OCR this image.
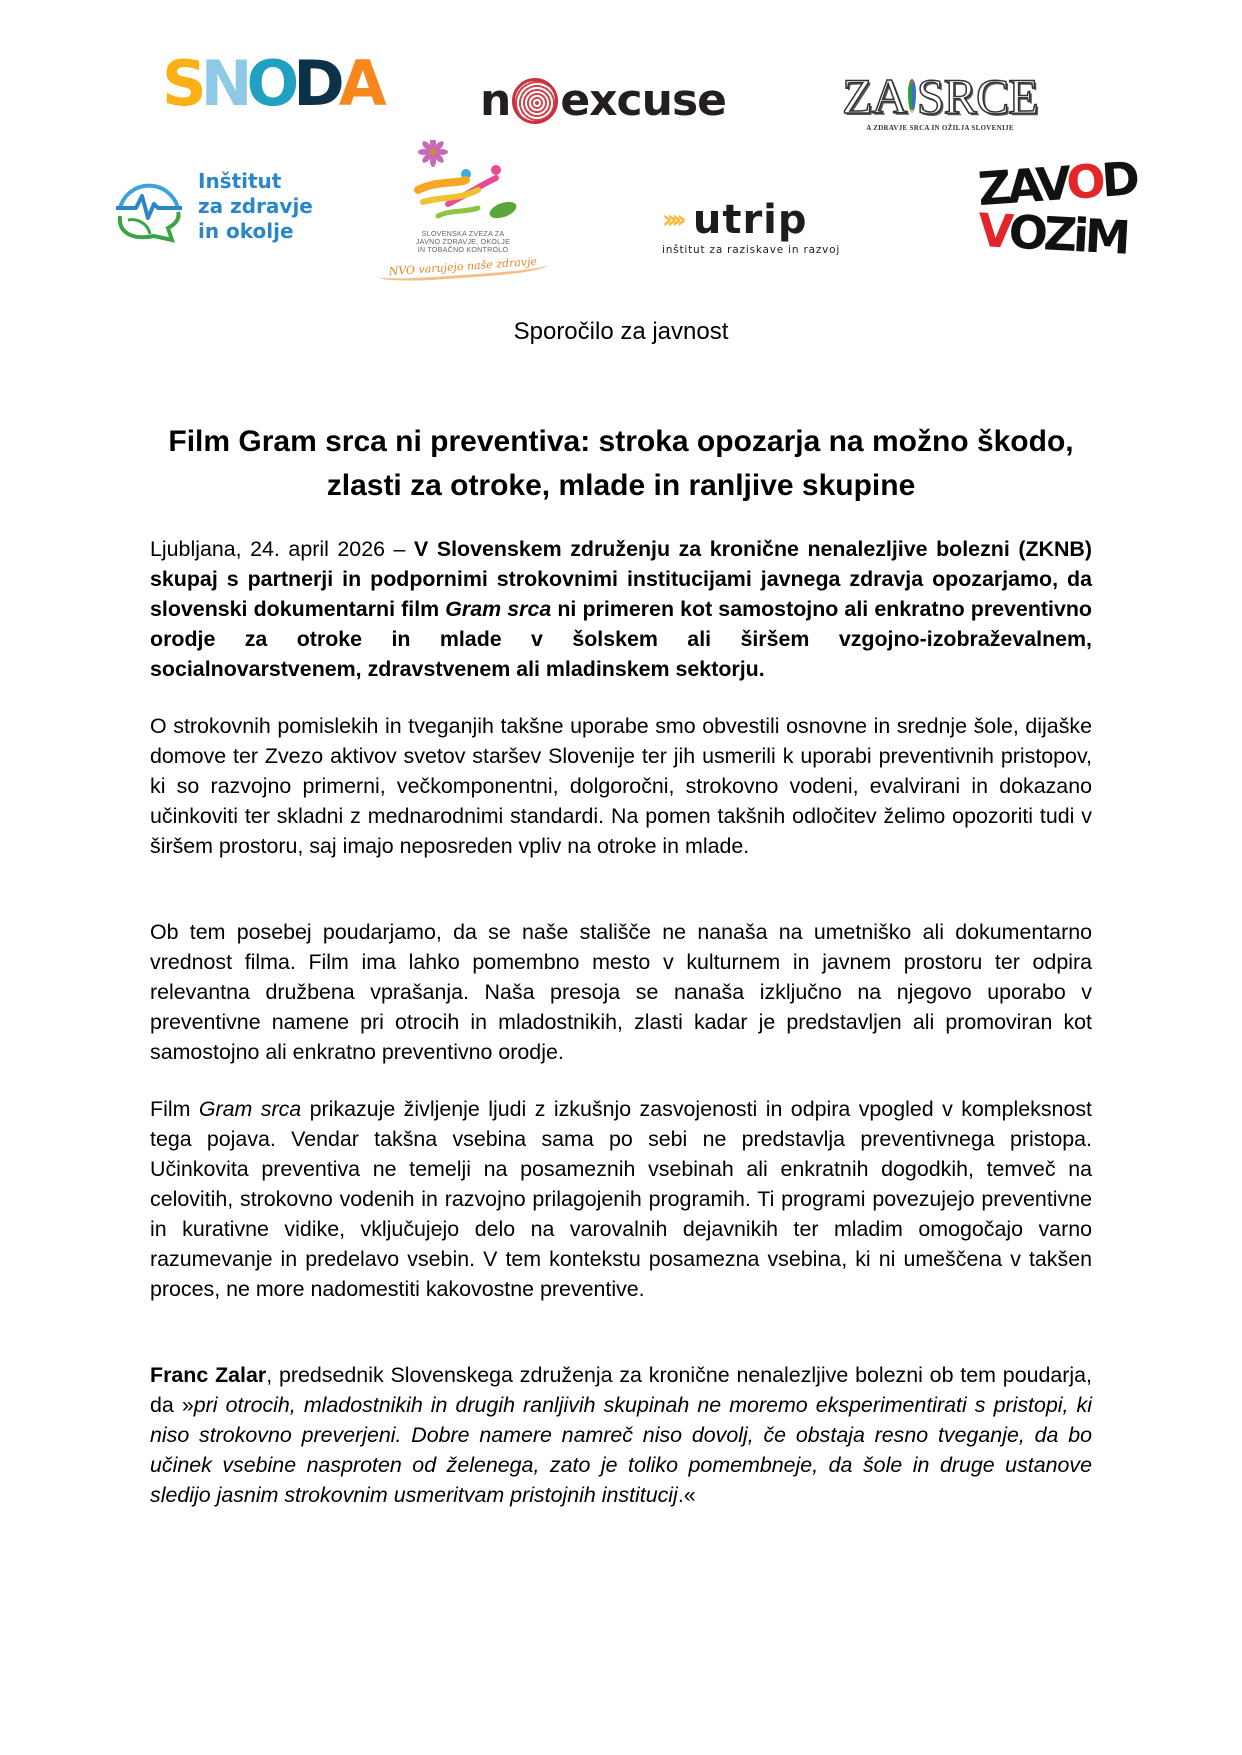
SNODA n excuse ZA SRCE
A ZDRAVJE SRCA IN OŽILJA SLOVENIJE
Inštitut
za zdravje
in okolje	SLOVENSKA ZVEZA ZA
JAVNO ZDRAVJE, OKOLJE
IN TOBAČNO KONTROLO
NVO varujejo naše zdravje
›››› utrip
inštitut za raziskave in razvoj
ZAVOD
VOZiM
Sporočilo za javnost
Film Gram srca ni preventiva: stroka opozarja na možno škodo, zlasti za otroke, mlade in ranljive skupine

Ljubljana, 24. april 2026 – V Slovenskem združenju za kronične nenalezljive bolezni (ZKNB) skupaj s partnerji in podpornimi strokovnimi institucijami javnega zdravja opozarjamo, da slovenski dokumentarni film Gram srca ni primeren kot samostojno ali enkratno preventivno orodje za otroke in mlade v šolskem ali širšem vzgojno-izobraževalnem, socialnovarstvenem, zdravstvenem ali mladinskem sektorju.

O strokovnih pomislekih in tveganjih takšne uporabe smo obvestili osnovne in srednje šole, dijaške domove ter Zvezo aktivov svetov staršev Slovenije ter jih usmerili k uporabi preventivnih pristopov, ki so razvojno primerni, večkomponentni, dolgoročni, strokovno vodeni, evalvirani in dokazano učinkoviti ter skladni z mednarodnimi standardi. Na pomen takšnih odločitev želimo opozoriti tudi v širšem prostoru, saj imajo neposreden vpliv na otroke in mlade.

Ob tem posebej poudarjamo, da se naše stališče ne nanaša na umetniško ali dokumentarno vrednost filma. Film ima lahko pomembno mesto v kulturnem in javnem prostoru ter odpira relevantna družbena vprašanja. Naša presoja se nanaša izključno na njegovo uporabo v preventivne namene pri otrocih in mladostnikih, zlasti kadar je predstavljen ali promoviran kot samostojno ali enkratno preventivno orodje.

Film Gram srca prikazuje življenje ljudi z izkušnjo zasvojenosti in odpira vpogled v kompleksnost tega pojava. Vendar takšna vsebina sama po sebi ne predstavlja preventivnega pristopa. Učinkovita preventiva ne temelji na posameznih vsebinah ali enkratnih dogodkih, temveč na celovitih, strokovno vodenih in razvojno prilagojenih programih. Ti programi povezujejo preventivne in kurativne vidike, vključujejo delo na varovalnih dejavnikih ter mladim omogočajo varno razumevanje in predelavo vsebin. V tem kontekstu posamezna vsebina, ki ni umeščena v takšen proces, ne more nadomestiti kakovostne preventive.

Franc Zalar, predsednik Slovenskega združenja za kronične nenalezljive bolezni ob tem poudarja, da »pri otrocih, mladostnikih in drugih ranljivih skupinah ne moremo eksperimentirati s pristopi, ki niso strokovno preverjeni. Dobre namere namreč niso dovolj, če obstaja resno tveganje, da bo učinek vsebine nasproten od želenega, zato je toliko pomembneje, da šole in druge ustanove sledijo jasnim strokovnim usmeritvam pristojnih institucij.«
